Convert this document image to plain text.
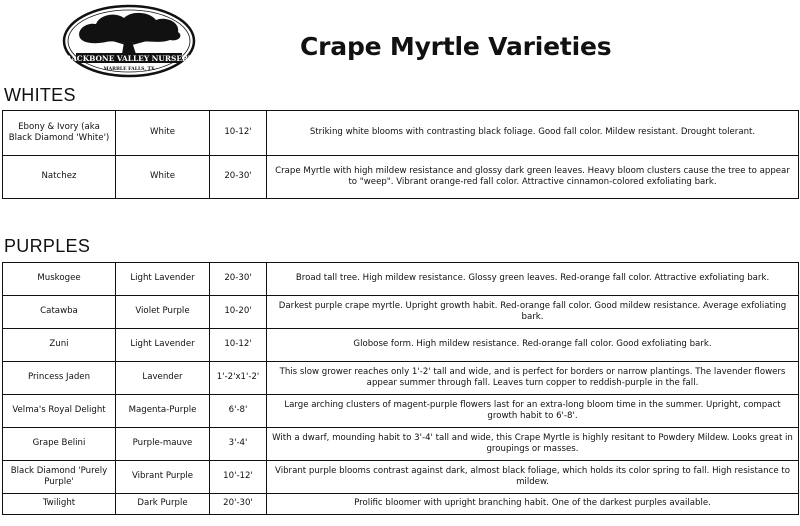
BACKBONE VALLEY NURSERY
MARBLE FALLS, TX
Crape Myrtle Varieties
WHITES
Ebony & Ivory (aka Black Diamond 'White')	White	10-12'	Striking white blooms with contrasting black foliage. Good fall color. Mildew resistant. Drought tolerant.
Natchez	White	20-30'	Crape Myrtle with high mildew resistance and glossy dark green leaves. Heavy bloom clusters cause the tree to appear to "weep". Vibrant orange-red fall color. Attractive cinnamon-colored exfoliating bark.
PURPLES
Muskogee	Light Lavender	20-30'	Broad tall tree. High mildew resistance. Glossy green leaves. Red-orange fall color. Attractive exfoliating bark.
Catawba	Violet Purple	10-20'	Darkest purple crape myrtle. Upright growth habit. Red-orange fall color. Good mildew resistance. Average exfoliating bark.
Zuni	Light Lavender	10-12'	Globose form. High mildew resistance. Red-orange fall color. Good exfoliating bark.
Princess Jaden	Lavender	1'-2'x1'-2'	This slow grower reaches only 1'-2' tall and wide, and is perfect for borders or narrow plantings. The lavender flowers appear summer through fall. Leaves turn copper to reddish-purple in the fall.
Velma's Royal Delight	Magenta-Purple	6'-8'	Large arching clusters of magent-purple flowers last for an extra-long bloom time in the summer. Upright, compact growth habit to 6'-8'.
Grape Belini	Purple-mauve	3'-4'	With a dwarf, mounding habit to 3'-4' tall and wide, this Crape Myrtle is highly resitant to Powdery Mildew. Looks great in groupings or masses.
Black Diamond 'Purely Purple'	Vibrant Purple	10'-12'	Vibrant purple blooms contrast against dark, almost black foliage, which holds its color spring to fall. High resistance to mildew.
Twilight	Dark Purple	20'-30'	Prolific bloomer with upright branching habit. One of the darkest purples available.
